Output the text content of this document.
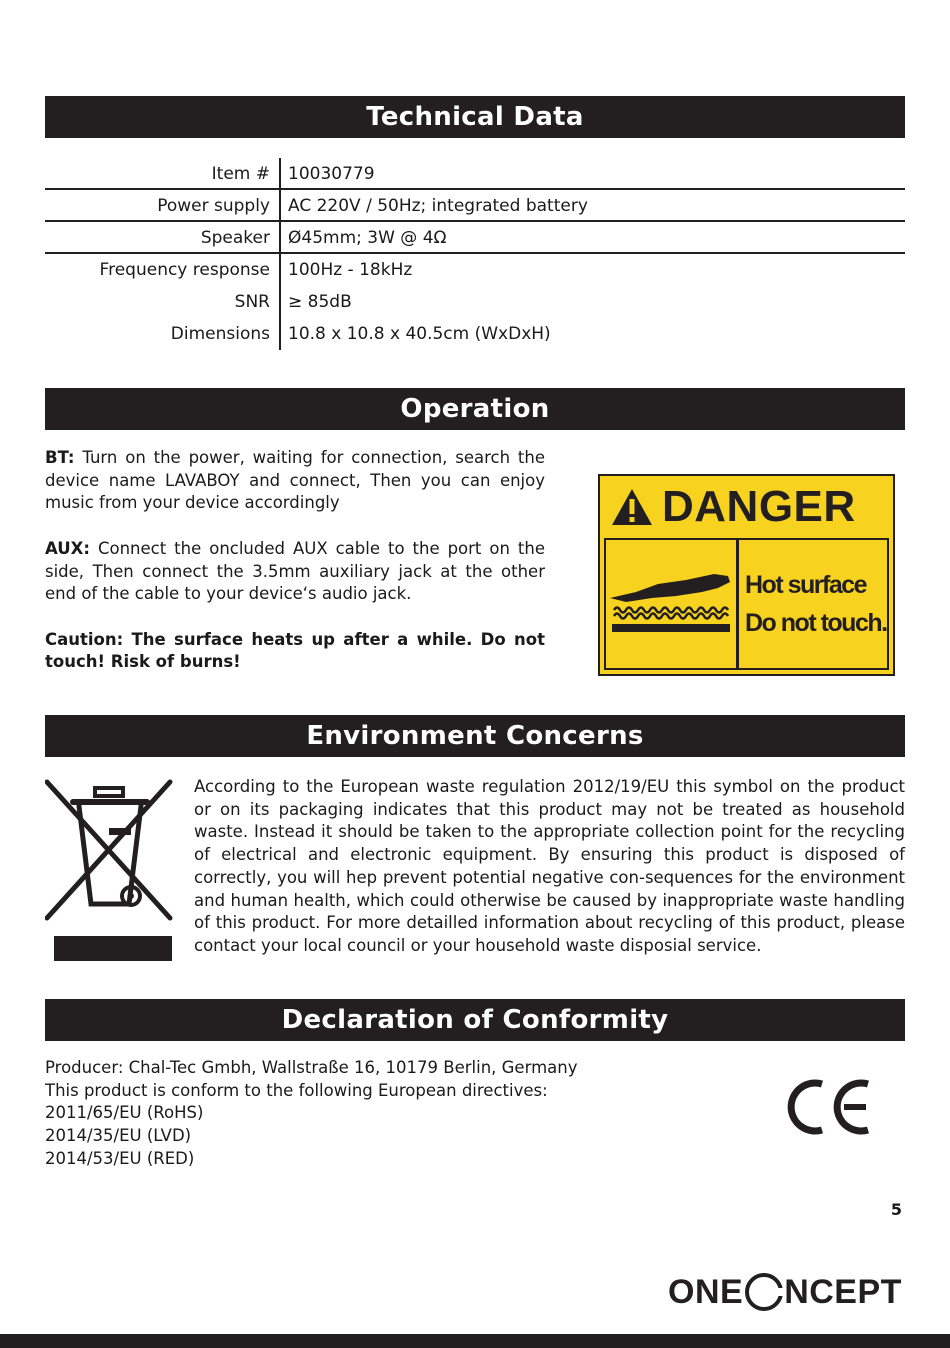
Technical Data
Item # 10030779
Power supply AC 220V / 50Hz; integrated battery
Speaker Ø45mm; 3W @ 4Ω
Frequency response 100Hz - 18kHz
SNR ≥ 85dB
Dimensions 10.8 x 10.8 x 40.5cm (WxDxH)
Operation

BT: Turn on the power, waiting for connection, search the device name LAVABOY and connect, Then you can enjoy music from your device accordingly

AUX: Connect the oncluded AUX cable to the port on the side, Then connect the 3.5mm auxiliary jack at the other end of the cable to your device‘s audio jack.

Caution: The surface heats up after a while. Do not touch! Risk of burns!

DANGER
Hot surface
Do not touch.
Environment Concerns
According to the European waste regulation 2012/19/EU this symbol on the product or on its packaging indicates that this product may not be treated as household waste. Instead it should be taken to the appropriate collection point for the recycling of electrical and electronic equipment. By ensuring this product is disposed of correctly, you will hep prevent potential negative con-sequences for the environment and human health, which could otherwise be caused by inappropriate waste handling of this product. For more detailled information about recycling of this product, please contact your local council or your household waste disposial service.
Declaration of Conformity
Producer: Chal-Tec Gmbh, Wallstraße 16, 10179 Berlin, Germany
This product is conform to the following European directives:
2011/65/EU (RoHS)
2014/35/EU (LVD)
2014/53/EU (RED)
5
ONE NCEPT
